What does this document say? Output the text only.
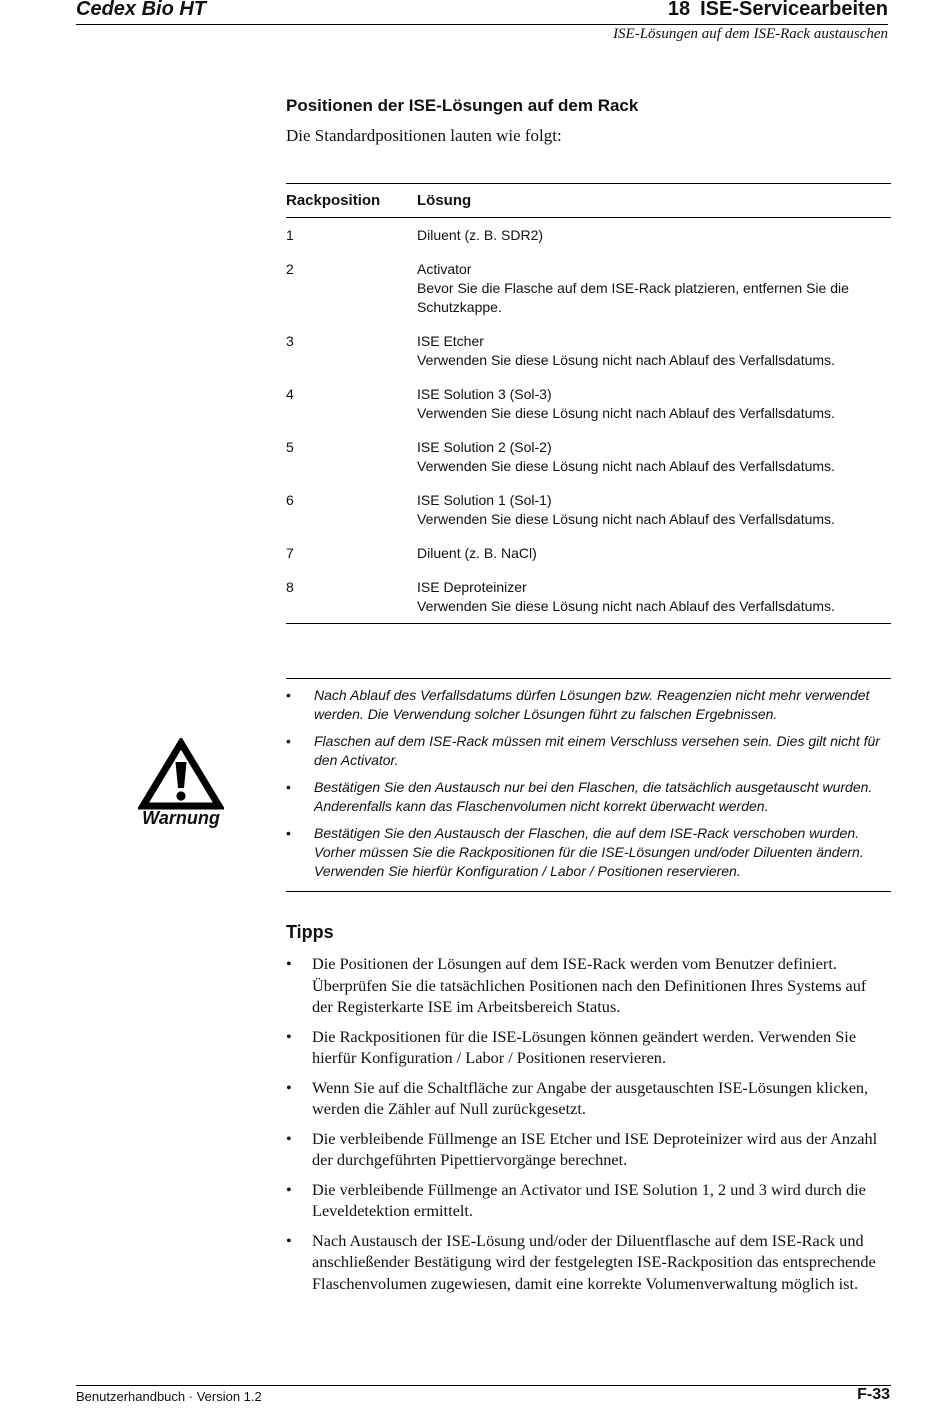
Cedex Bio HT	18 ISE-Servicearbeiten
ISE-Lösungen auf dem ISE-Rack austauschen
Positionen der ISE-Lösungen auf dem Rack
Die Standardpositionen lauten wie folgt:
Rackposition	Lösung
1	Diluent (z. B. SDR2)
2	Activator
Bevor Sie die Flasche auf dem ISE-Rack platzieren, entfernen Sie die Schutzkappe.
3	ISE Etcher
Verwenden Sie diese Lösung nicht nach Ablauf des Verfallsdatums.
4	ISE Solution 3 (Sol-3)
Verwenden Sie diese Lösung nicht nach Ablauf des Verfallsdatums.
5	ISE Solution 2 (Sol-2)
Verwenden Sie diese Lösung nicht nach Ablauf des Verfallsdatums.
6	ISE Solution 1 (Sol-1)
Verwenden Sie diese Lösung nicht nach Ablauf des Verfallsdatums.
7	Diluent (z. B. NaCl)
8	ISE Deproteinizer
Verwenden Sie diese Lösung nicht nach Ablauf des Verfallsdatums.
Warnung
• Nach Ablauf des Verfallsdatums dürfen Lösungen bzw. Reagenzien nicht mehr verwendet werden. Die Verwendung solcher Lösungen führt zu falschen Ergebnissen.
• Flaschen auf dem ISE-Rack müssen mit einem Verschluss versehen sein. Dies gilt nicht für den Activator.
• Bestätigen Sie den Austausch nur bei den Flaschen, die tatsächlich ausgetauscht wurden. Anderenfalls kann das Flaschenvolumen nicht korrekt überwacht werden.
• Bestätigen Sie den Austausch der Flaschen, die auf dem ISE-Rack verschoben wurden. Vorher müssen Sie die Rackpositionen für die ISE-Lösungen und/oder Diluenten ändern. Verwenden Sie hierfür Konfiguration / Labor / Positionen reservieren.
Tipps
• Die Positionen der Lösungen auf dem ISE-Rack werden vom Benutzer definiert. Überprüfen Sie die tatsächlichen Positionen nach den Definitionen Ihres Systems auf der Registerkarte ISE im Arbeitsbereich Status.
• Die Rackpositionen für die ISE-Lösungen können geändert werden. Verwenden Sie hierfür Konfiguration / Labor / Positionen reservieren.
• Wenn Sie auf die Schaltfläche zur Angabe der ausgetauschten ISE-Lösungen klicken, werden die Zähler auf Null zurückgesetzt.
• Die verbleibende Füllmenge an ISE Etcher und ISE Deproteinizer wird aus der Anzahl der durchgeführten Pipettiervorgänge berechnet.
• Die verbleibende Füllmenge an Activator und ISE Solution 1, 2 und 3 wird durch die Leveldetektion ermittelt.
• Nach Austausch der ISE-Lösung und/oder der Diluentflasche auf dem ISE-Rack und anschließender Bestätigung wird der festgelegten ISE-Rackposition das entsprechende Flaschenvolumen zugewiesen, damit eine korrekte Volumenverwaltung möglich ist.
Benutzerhandbuch · Version 1.2	F-33
